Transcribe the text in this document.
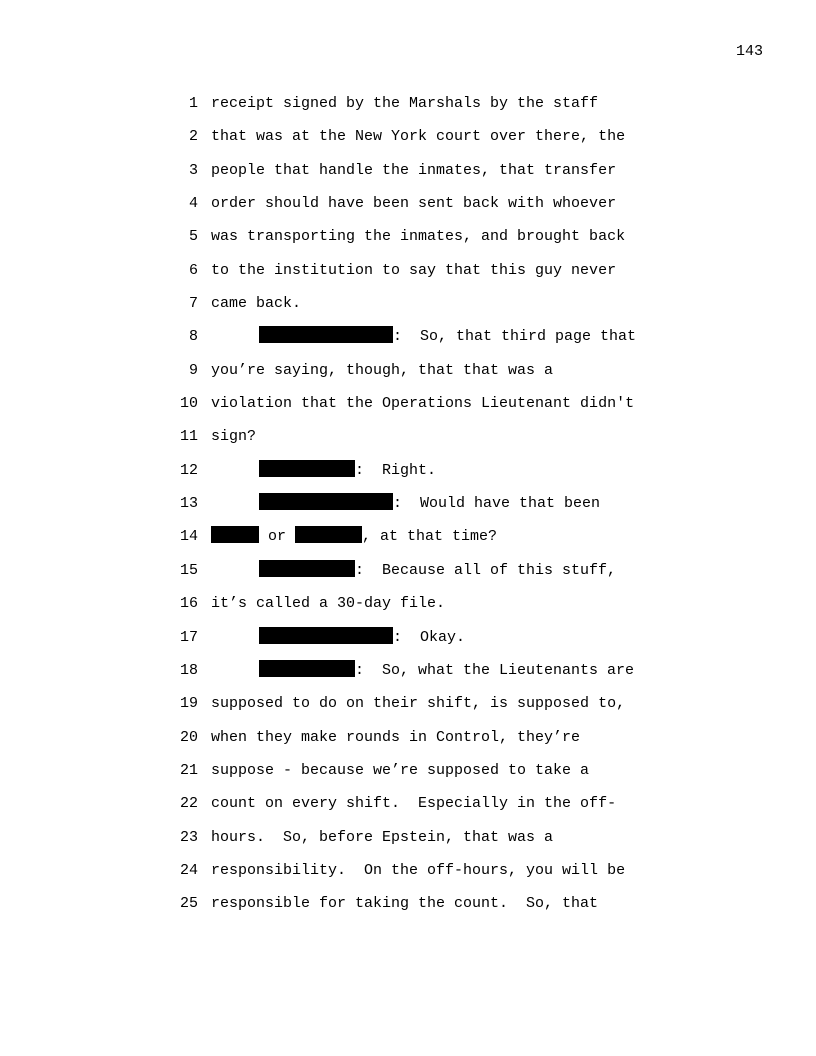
143
1 receipt signed by the Marshals by the staff
2 that was at the New York court over there, the
3 people that handle the inmates, that transfer
4 order should have been sent back with whoever
5 was transporting the inmates, and brought back
6 to the institution to say that this guy never
7 came back.
8	:  So, that third page that
9 you’re saying, though, that that was a
10 violation that the Operations Lieutenant didn't
11 sign?
12	:  Right.
13	:  Would have that been
14	or	, at that time?
15	:  Because all of this stuff,
16 it’s called a 30-day file.
17	:  Okay.
18	:  So, what the Lieutenants are
19 supposed to do on their shift, is supposed to,
20 when they make rounds in Control, they’re
21 suppose - because we’re supposed to take a
22 count on every shift.  Especially in the off-
23 hours.  So, before Epstein, that was a
24 responsibility.  On the off-hours, you will be
25 responsible for taking the count.  So, that
